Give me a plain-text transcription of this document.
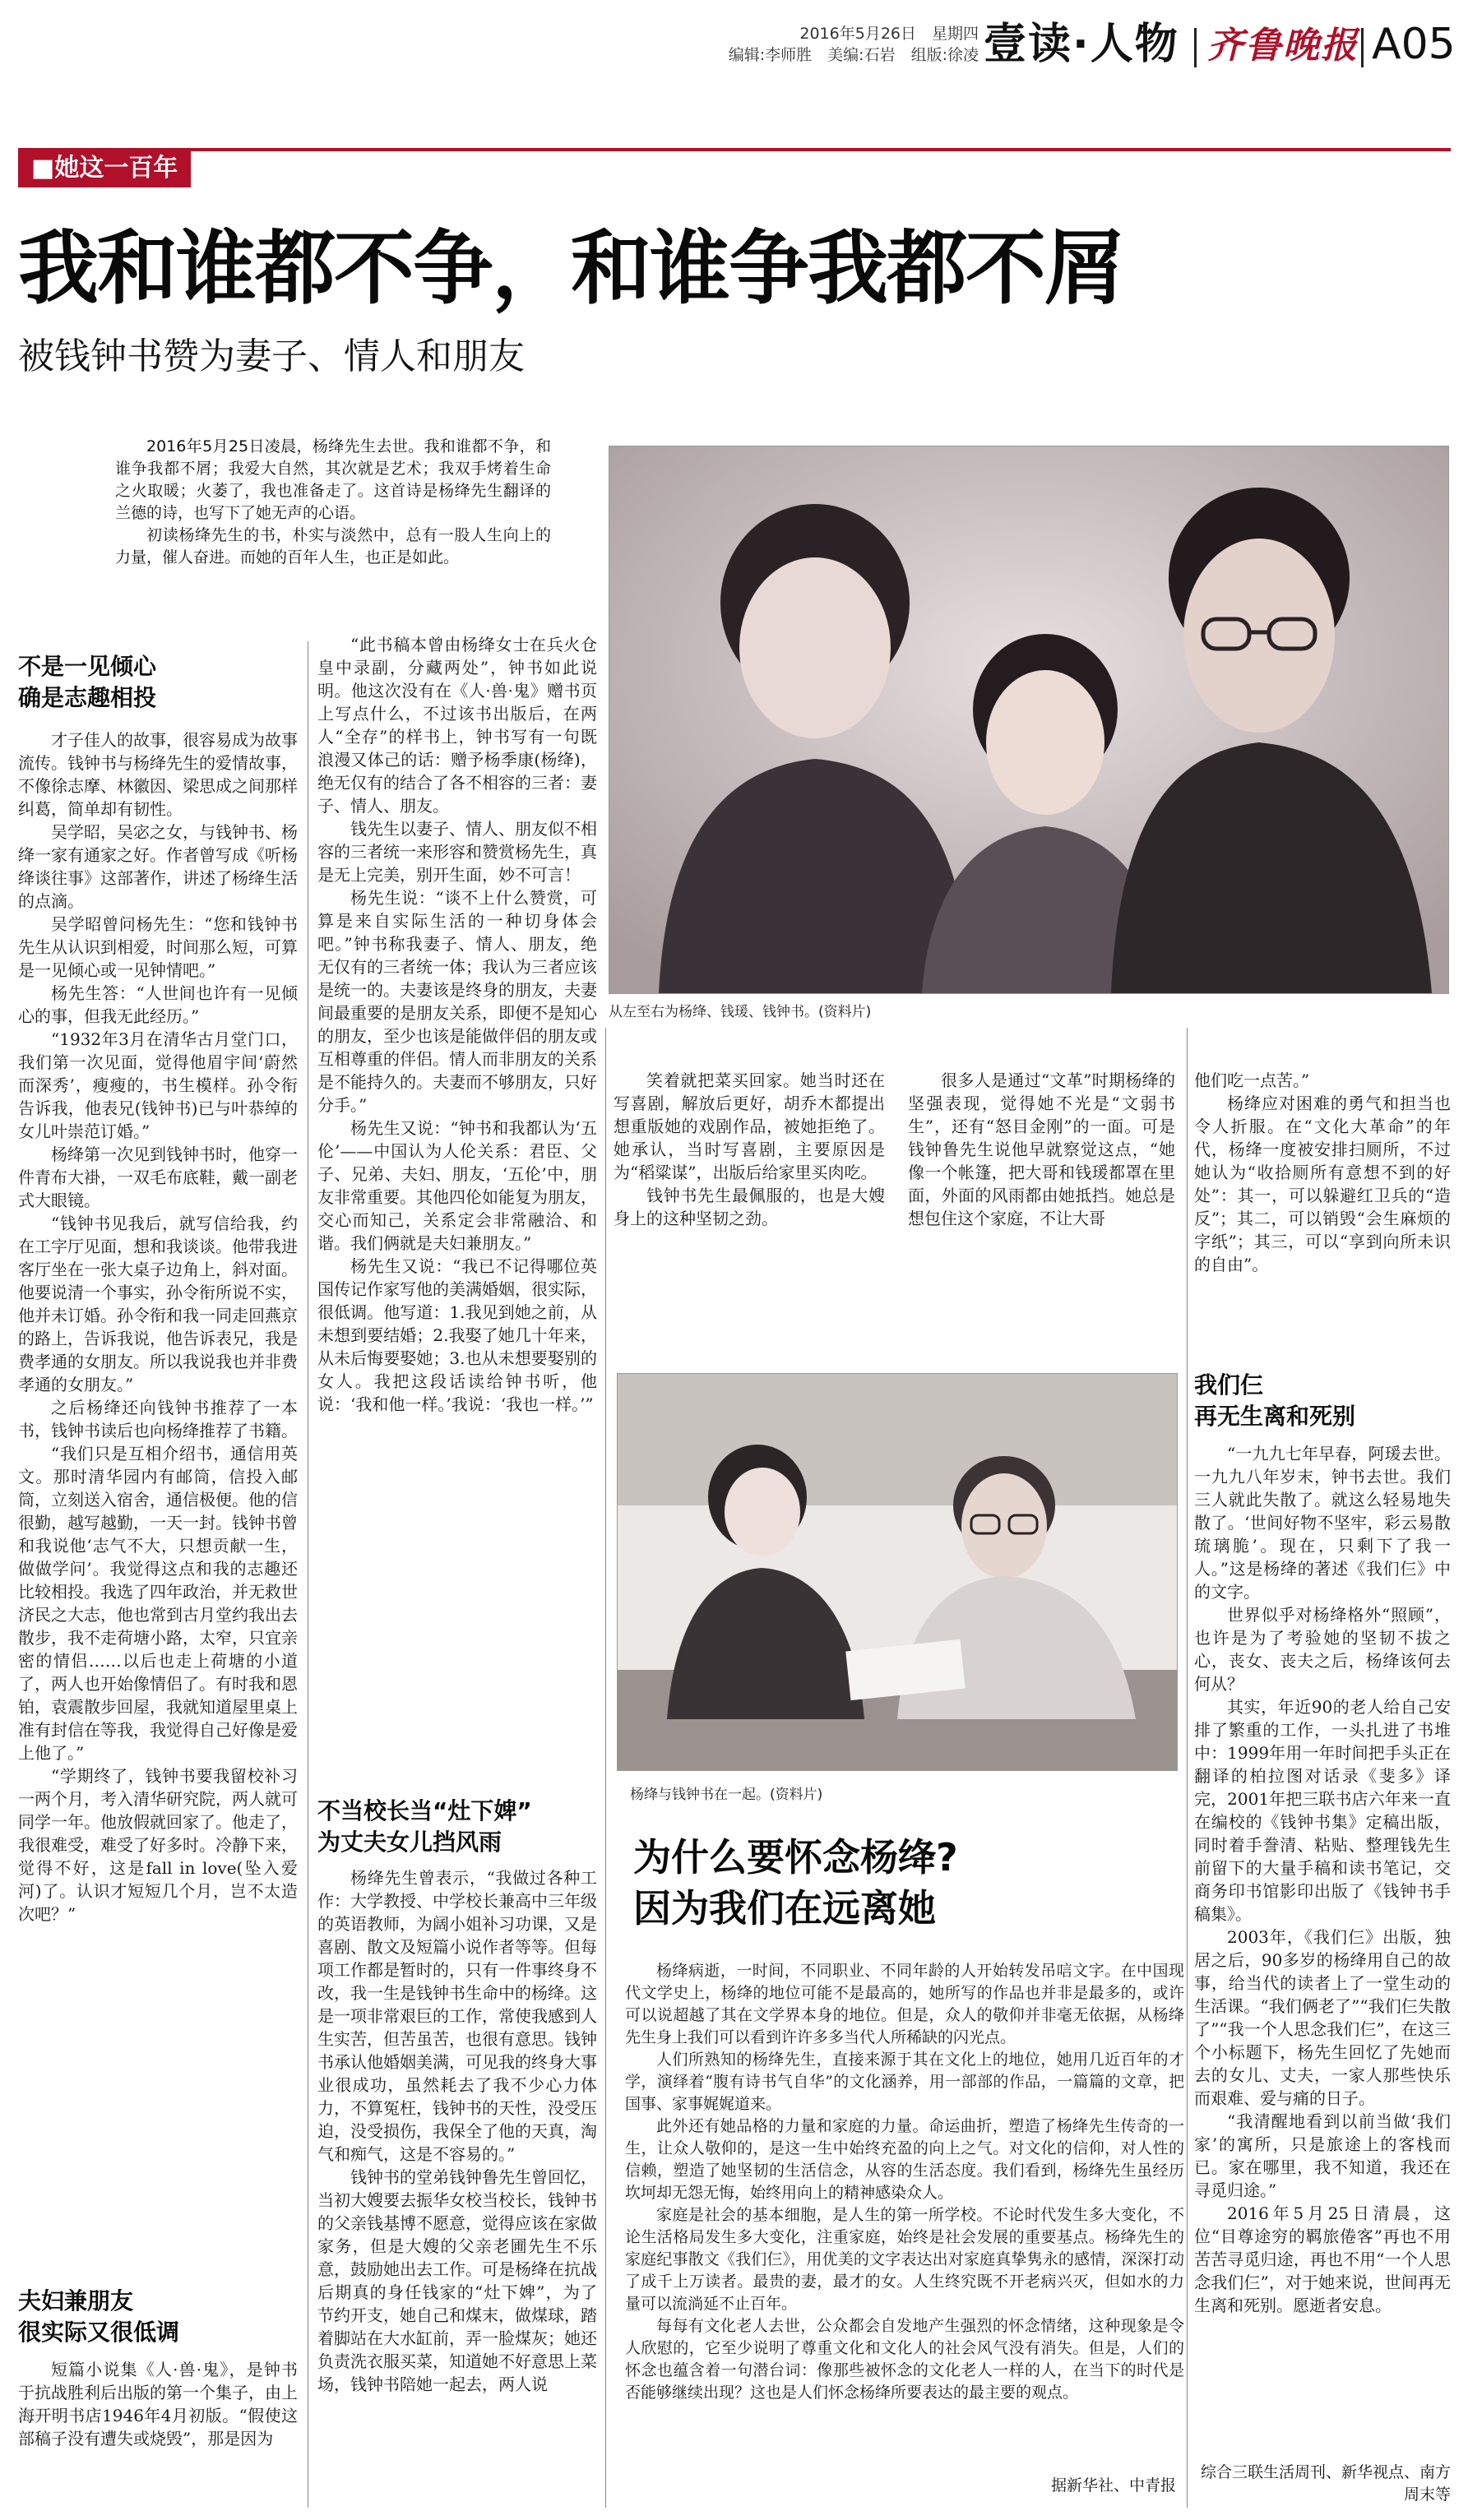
2016年5月26日　星期四
编辑:李师胜　美编:石岩　组版:徐凌 壹读·人物 齐鲁晚报 A05
■她这一百年
我和谁都不争，和谁争我都不屑
被钱钟书赞为妻子、情人和朋友

2016年5月25日凌晨，杨绛先生去世。我和谁都不争，和谁争我都不屑；我爱大自然，其次就是艺术；我双手烤着生命之火取暖；火萎了，我也准备走了。这首诗是杨绛先生翻译的兰德的诗，也写下了她无声的心语。

初读杨绛先生的书，朴实与淡然中，总有一股人生向上的力量，催人奋进。而她的百年人生，也正是如此。

从左至右为杨绛、钱瑗、钱钟书。(资料片)
不是一见倾心
确是志趣相投

才子佳人的故事，很容易成为故事流传。钱钟书与杨绛先生的爱情故事，不像徐志摩、林徽因、梁思成之间那样纠葛，简单却有韧性。

吴学昭，吴宓之女，与钱钟书、杨绛一家有通家之好。作者曾写成《听杨绛谈往事》这部著作，讲述了杨绛生活的点滴。

吴学昭曾问杨先生：“您和钱钟书先生从认识到相爱，时间那么短，可算是一见倾心或一见钟情吧。”

杨先生答：“人世间也许有一见倾心的事，但我无此经历。”

“1932年3月在清华古月堂门口，我们第一次见面，觉得他眉宇间‘蔚然而深秀’，瘦瘦的，书生模样。孙令衔告诉我，他表兄(钱钟书)已与叶恭绰的女儿叶崇范订婚。”

杨绛第一次见到钱钟书时，他穿一件青布大褂，一双毛布底鞋，戴一副老式大眼镜。

“钱钟书见我后，就写信给我，约在工字厅见面，想和我谈谈。他带我进客厅坐在一张大桌子边角上，斜对面。他要说清一个事实，孙令衔所说不实，他并未订婚。孙令衔和我一同走回燕京的路上，告诉我说，他告诉表兄，我是费孝通的女朋友。所以我说我也并非费孝通的女朋友。”

之后杨绛还向钱钟书推荐了一本书，钱钟书读后也向杨绛推荐了书籍。

“我们只是互相介绍书，通信用英文。那时清华园内有邮筒，信投入邮筒，立刻送入宿舍，通信极便。他的信很勤，越写越勤，一天一封。钱钟书曾和我说他‘志气不大，只想贡献一生，做做学问’。我觉得这点和我的志趣还比较相投。我选了四年政治，并无救世济民之大志，他也常到古月堂约我出去散步，我不走荷塘小路，太窄，只宜亲密的情侣……以后也走上荷塘的小道了，两人也开始像情侣了。有时我和恩铂，袁震散步回屋，我就知道屋里桌上准有封信在等我，我觉得自己好像是爱上他了。”

“学期终了，钱钟书要我留校补习一两个月，考入清华研究院，两人就可同学一年。他放假就回家了。他走了，我很难受，难受了好多时。冷静下来，觉得不好，这是fall in love(坠入爱河)了。认识才短短几个月，岂不太造次吧？”

夫妇兼朋友
很实际又很低调

短篇小说集《人·兽·鬼》，是钟书于抗战胜利后出版的第一个集子，由上海开明书店1946年4月初版。“假使这部稿子没有遭失或烧毁”，那是因为

“此书稿本曾由杨绛女士在兵火仓皇中录副，分藏两处”，钟书如此说明。他这次没有在《人·兽·鬼》赠书页上写点什么，不过该书出版后，在两人“全存”的样书上，钟书写有一句既浪漫又体己的话：赠予杨季康(杨绛)，绝无仅有的结合了各不相容的三者：妻子、情人、朋友。

钱先生以妻子、情人、朋友似不相容的三者统一来形容和赞赏杨先生，真是无上完美，别开生面，妙不可言！

杨先生说：“谈不上什么赞赏，可算是来自实际生活的一种切身体会吧。”钟书称我妻子、情人、朋友，绝无仅有的三者统一体；我认为三者应该是统一的。夫妻该是终身的朋友，夫妻间最重要的是朋友关系，即便不是知心的朋友，至少也该是能做伴侣的朋友或互相尊重的伴侣。情人而非朋友的关系是不能持久的。夫妻而不够朋友，只好分手。”

杨先生又说：“钟书和我都认为‘五伦’——中国认为人伦关系：君臣、父子、兄弟、夫妇、朋友，‘五伦’中，朋友非常重要。其他四伦如能复为朋友，交心而知己，关系定会非常融洽、和谐。我们俩就是夫妇兼朋友。”

杨先生又说：“我已不记得哪位英国传记作家写他的美满婚姻，很实际，很低调。他写道：1.我见到她之前，从未想到要结婚；2.我娶了她几十年来，从未后悔要娶她；3.也从未想要娶别的女人。我把这段话读给钟书听，他说：‘我和他一样。’我说：‘我也一样。’”

不当校长当“灶下婢”
为丈夫女儿挡风雨

杨绛先生曾表示，“我做过各种工作：大学教授、中学校长兼高中三年级的英语教师，为阔小姐补习功课，又是喜剧、散文及短篇小说作者等等。但每项工作都是暂时的，只有一件事终身不改，我一生是钱钟书生命中的杨绛。这是一项非常艰巨的工作，常使我感到人生实苦，但苦虽苦，也很有意思。钱钟书承认他婚姻美满，可见我的终身大事业很成功，虽然耗去了我不少心力体力，不算冤枉，钱钟书的天性，没受压迫，没受损伤，我保全了他的天真，淘气和痴气，这是不容易的。”

钱钟书的堂弟钱钟鲁先生曾回忆，当初大嫂要去振华女校当校长，钱钟书的父亲钱基博不愿意，觉得应该在家做家务，但是大嫂的父亲老圃先生不乐意，鼓励她出去工作。可是杨绛在抗战后期真的身任钱家的“灶下婢”，为了节约开支，她自己和煤末，做煤球，踏着脚站在大水缸前，弄一脸煤灰；她还负责洗衣服买菜，知道她不好意思上菜场，钱钟书陪她一起去，两人说

笑着就把菜买回家。她当时还在写喜剧，解放后更好，胡乔木都提出想重版她的戏剧作品，被她拒绝了。她承认，当时写喜剧，主要原因是为“稻粱谋”，出版后给家里买肉吃。

钱钟书先生最佩服的，也是大嫂身上的这种坚韧之劲。

很多人是通过“文革”时期杨绛的坚强表现，觉得她不光是“文弱书生”，还有“怒目金刚”的一面。可是钱钟鲁先生说他早就察觉这点，“她像一个帐篷，把大哥和钱瑗都罩在里面，外面的风雨都由她抵挡。她总是想包住这个家庭，不让大哥

杨绛与钱钟书在一起。(资料片)
为什么要怀念杨绛?
因为我们在远离她

杨绛病逝，一时间，不同职业、不同年龄的人开始转发吊唁文字。在中国现代文学史上，杨绛的地位可能不是最高的，她所写的作品也并非是最多的，或许可以说超越了其在文学界本身的地位。但是，众人的敬仰并非毫无依据，从杨绛先生身上我们可以看到许许多多当代人所稀缺的闪光点。

人们所熟知的杨绛先生，直接来源于其在文化上的地位，她用几近百年的才学，演绎着“腹有诗书气自华”的文化涵养，用一部部的作品，一篇篇的文章，把国事、家事娓娓道来。

此外还有她品格的力量和家庭的力量。命运曲折，塑造了杨绛先生传奇的一生，让众人敬仰的，是这一生中始终充盈的向上之气。对文化的信仰，对人性的信赖，塑造了她坚韧的生活信念，从容的生活态度。我们看到，杨绛先生虽经历坎坷却无怨无悔，始终用向上的精神感染众人。

家庭是社会的基本细胞，是人生的第一所学校。不论时代发生多大变化，不论生活格局发生多大变化，注重家庭，始终是社会发展的重要基点。杨绛先生的家庭纪事散文《我们仨》，用优美的文字表达出对家庭真挚隽永的感情，深深打动了成千上万读者。最贵的妻，最才的女。人生终究既不开老病兴灭，但如水的力量可以流淌延不止百年。

每每有文化老人去世，公众都会自发地产生强烈的怀念情绪，这种现象是令人欣慰的，它至少说明了尊重文化和文化人的社会风气没有消失。但是，人们的怀念也蕴含着一句潜台词：像那些被怀念的文化老人一样的人，在当下的时代是否能够继续出现？这也是人们怀念杨绛所要表达的最主要的观点。

据新华社、中青报

他们吃一点苦。”

杨绛应对困难的勇气和担当也令人折服。在“文化大革命”的年代，杨绛一度被安排扫厕所，不过她认为“收拾厕所有意想不到的好处”：其一，可以躲避红卫兵的“造反”；其二，可以销毁“会生麻烦的字纸”；其三，可以“享到向所未识的自由”。

我们仨
再无生离和死别

“一九九七年早春，阿瑗去世。一九九八年岁末，钟书去世。我们三人就此失散了。就这么轻易地失散了。‘世间好物不坚牢，彩云易散琉璃脆’。现在，只剩下了我一人。”这是杨绛的著述《我们仨》中的文字。

世界似乎对杨绛格外“照顾”，也许是为了考验她的坚韧不拔之心，丧女、丧夫之后，杨绛该何去何从？

其实，年近90的老人给自己安排了繁重的工作，一头扎进了书堆中：1999年用一年时间把手头正在翻译的柏拉图对话录《斐多》译完，2001年把三联书店六年来一直在编校的《钱钟书集》定稿出版，同时着手誊清、粘贴、整理钱先生前留下的大量手稿和读书笔记，交商务印书馆影印出版了《钱钟书手稿集》。

2003年，《我们仨》出版，独居之后，90多岁的杨绛用自己的故事，给当代的读者上了一堂生动的生活课。“我们俩老了”“我们仨失散了”“我一个人思念我们仨”，在这三个小标题下，杨先生回忆了先她而去的女儿、丈夫，一家人那些快乐而艰难、爱与痛的日子。

“我清醒地看到以前当做‘我们家’的寓所，只是旅途上的客栈而已。家在哪里，我不知道，我还在寻觅归途。”

2016年5月25日清晨，这位“目尊途穷的羁旅倦客”再也不用苦苦寻觅归途，再也不用“一个人思念我们仨”，对于她来说，世间再无生离和死别。愿逝者安息。

综合三联生活周刊、新华视点、南方周末等
